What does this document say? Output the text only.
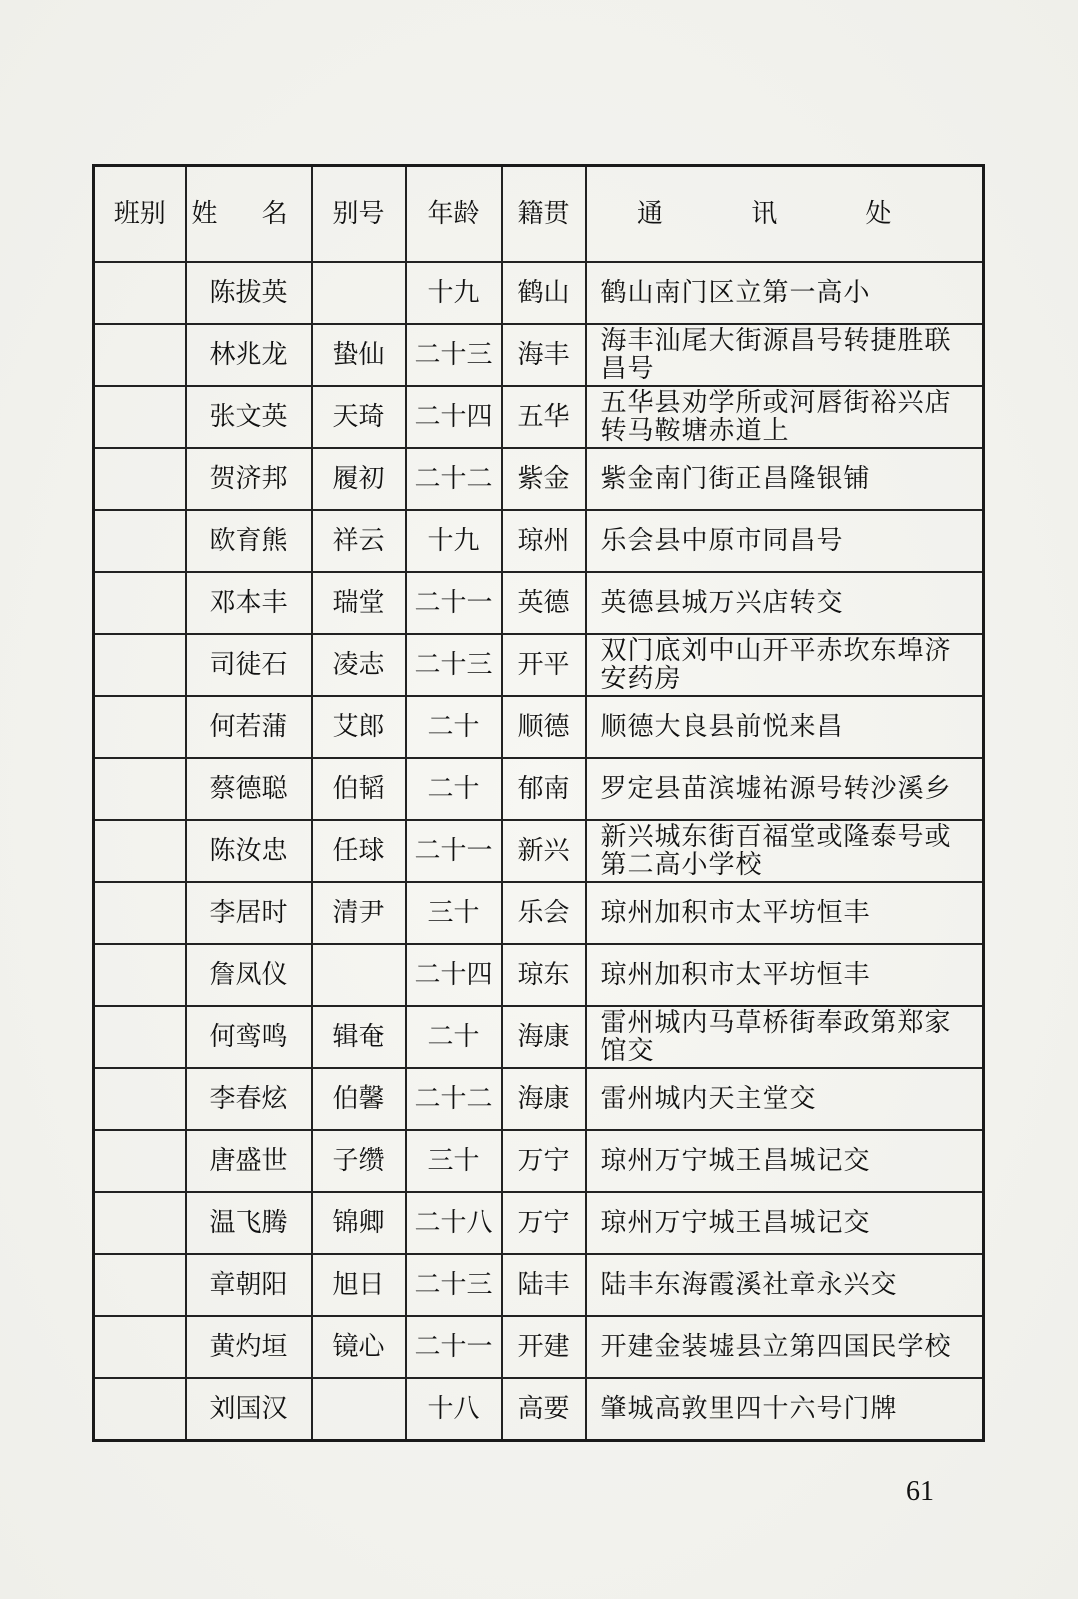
班别	姓 名	别号	年龄	籍贯	通 讯 处
	陈拔英		十九	鹤山	鹤山南门区立第一高小
	林兆龙	蛰仙	二十三	海丰	海丰汕尾大街源昌号转捷胜联昌号
	张文英	天琦	二十四	五华	五华县劝学所或河唇街裕兴店转马鞍塘赤道上
	贺济邦	履初	二十二	紫金	紫金南门街正昌隆银铺
	欧育熊	祥云	十九	琼州	乐会县中原市同昌号
	邓本丰	瑞堂	二十一	英德	英德县城万兴店转交
	司徒石	凌志	二十三	开平	双门底刘中山开平赤坎东埠济安药房
	何若蒲	艾郎	二十	顺德	顺德大良县前悦来昌
	蔡德聪	伯韬	二十	郁南	罗定县苗滨墟祐源号转沙溪乡
	陈汝忠	任球	二十一	新兴	新兴城东街百福堂或隆泰号或第二高小学校
	李居时	清尹	三十	乐会	琼州加积市太平坊恒丰
	詹凤仪		二十四	琼东	琼州加积市太平坊恒丰
	何鸾鸣	辑奄	二十	海康	雷州城内马草桥街奉政第郑家馆交
	李春炫	伯馨	二十二	海康	雷州城内天主堂交
	唐盛世	子缵	三十	万宁	琼州万宁城王昌城记交
	温飞腾	锦卿	二十八	万宁	琼州万宁城王昌城记交
	章朝阳	旭日	二十三	陆丰	陆丰东海霞溪社章永兴交
	黄灼垣	镜心	二十一	开建	开建金装墟县立第四国民学校
	刘国汉		十八	高要	肇城高敦里四十六号门牌
61
